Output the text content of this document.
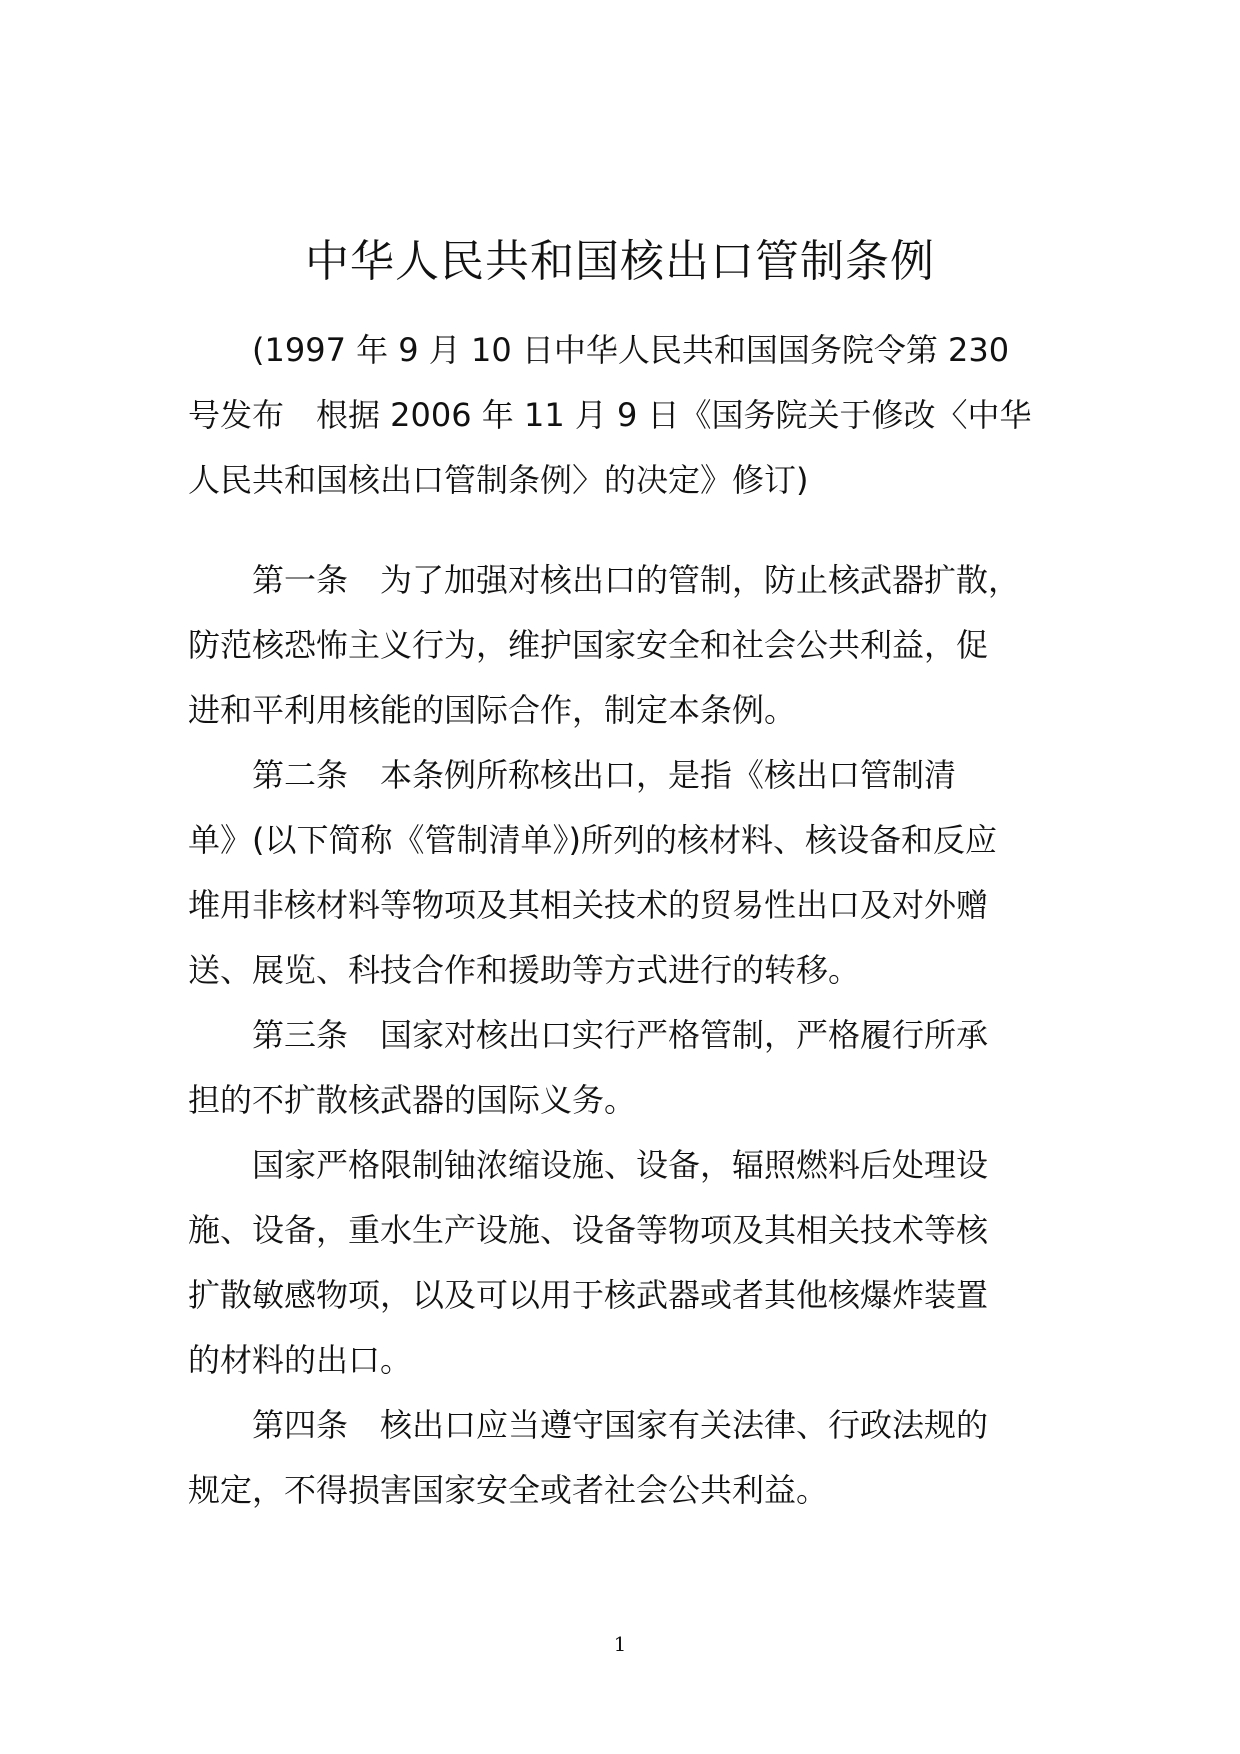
中华人民共和国核出口管制条例
(1997 年 9 月 10 日中华人民共和国国务院令第 230
号发布　根据 2006 年 11 月 9 日《国务院关于修改〈中华
人民共和国核出口管制条例〉的决定》修订)
第一条　为了加强对核出口的管制，防止核武器扩散，
防范核恐怖主义行为，维护国家安全和社会公共利益，促
进和平利用核能的国际合作，制定本条例。
第二条　本条例所称核出口，是指《核出口管制清
单》(以下简称《管制清单》)所列的核材料、核设备和反应
堆用非核材料等物项及其相关技术的贸易性出口及对外赠
送、展览、科技合作和援助等方式进行的转移。
第三条　国家对核出口实行严格管制，严格履行所承
担的不扩散核武器的国际义务。
国家严格限制铀浓缩设施、设备，辐照燃料后处理设
施、设备，重水生产设施、设备等物项及其相关技术等核
扩散敏感物项，以及可以用于核武器或者其他核爆炸装置
的材料的出口。
第四条　核出口应当遵守国家有关法律、行政法规的
规定，不得损害国家安全或者社会公共利益。
1
